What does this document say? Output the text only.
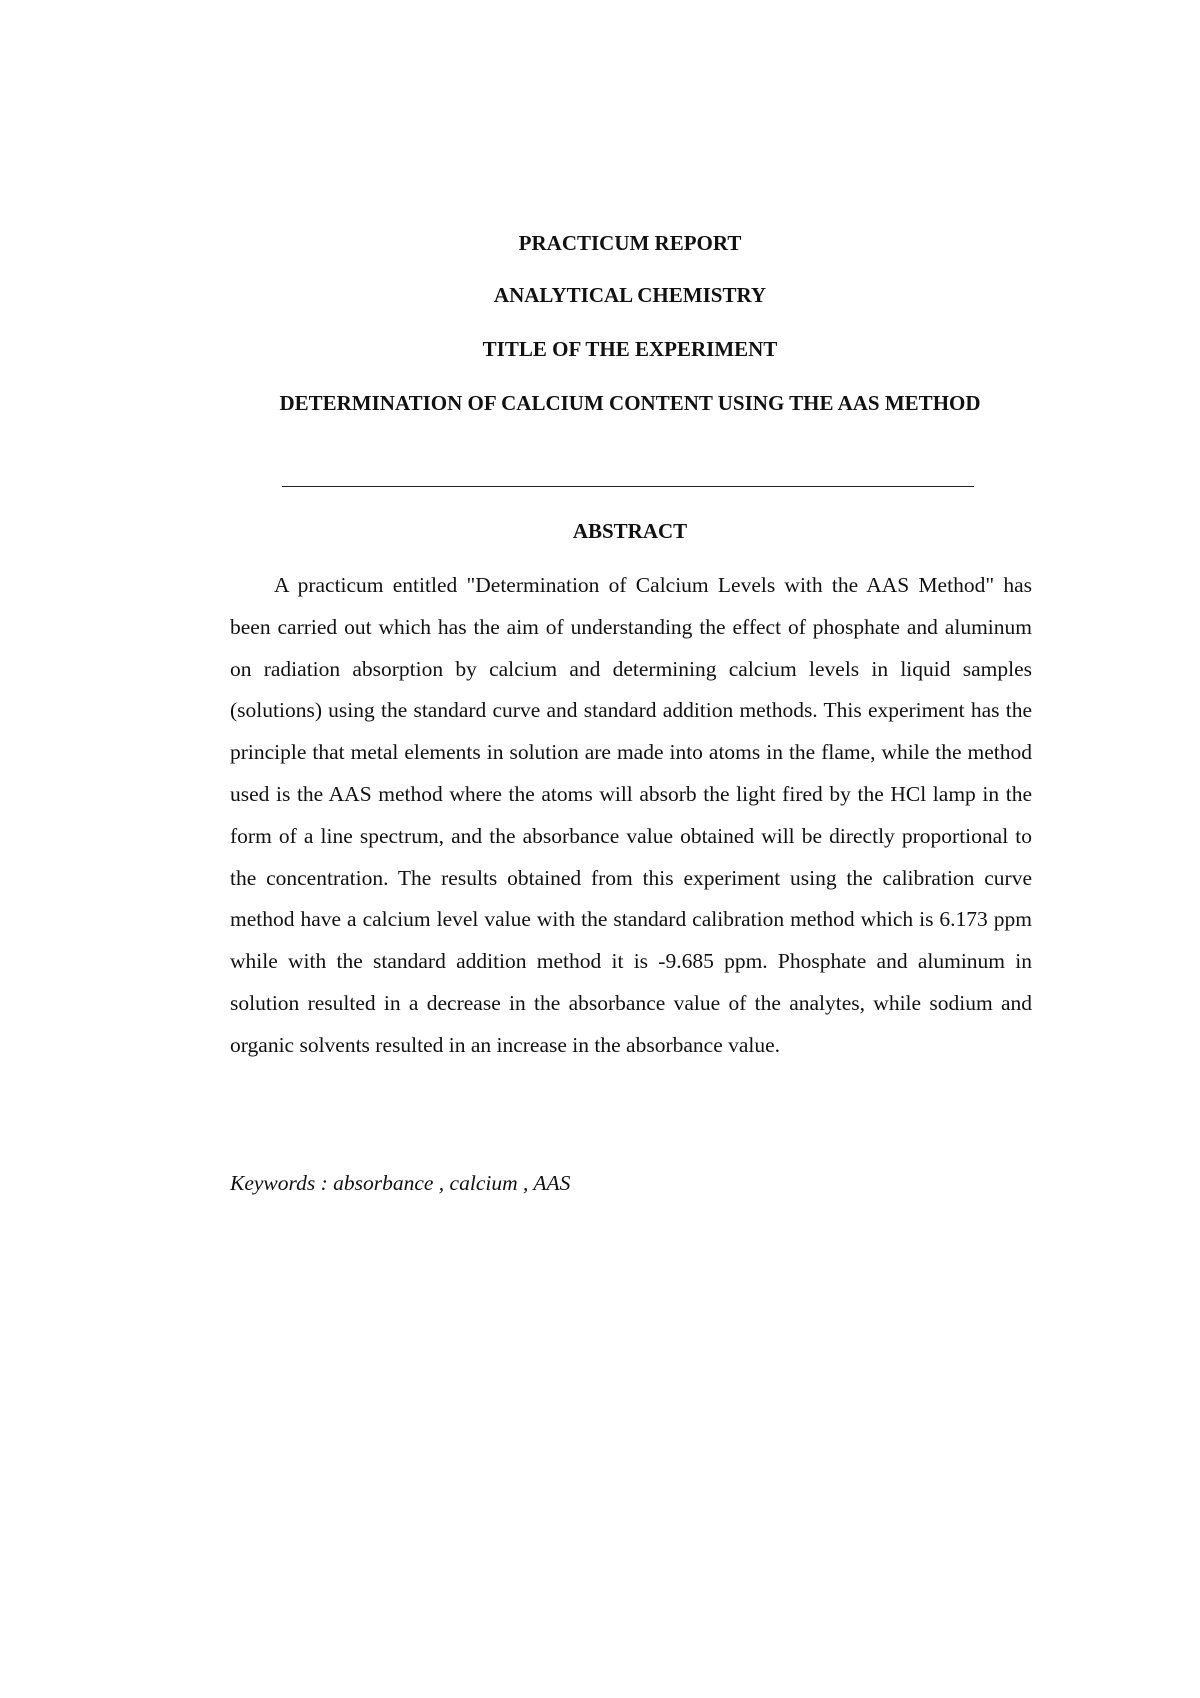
PRACTICUM REPORT

ANALYTICAL CHEMISTRY

TITLE OF THE EXPERIMENT

DETERMINATION OF CALCIUM CONTENT USING THE AAS METHOD

ABSTRACT

A practicum entitled "Determination of Calcium Levels with the AAS Method" has been carried out which has the aim of understanding the effect of phosphate and aluminum on radiation absorption by calcium and determining calcium levels in liquid samples (solutions) using the standard curve and standard addition methods. This experiment has the principle that metal elements in solution are made into atoms in the flame, while the method used is the AAS method where the atoms will absorb the light fired by the HCl lamp in the form of a line spectrum, and the absorbance value obtained will be directly proportional to the concentration. The results obtained from this experiment using the calibration curve method have a calcium level value with the standard calibration method which is 6.173 ppm while with the standard addition method it is -9.685 ppm. Phosphate and aluminum in solution resulted in a decrease in the absorbance value of the analytes, while sodium and organic solvents resulted in an increase in the absorbance value.

Keywords : absorbance , calcium , AAS
